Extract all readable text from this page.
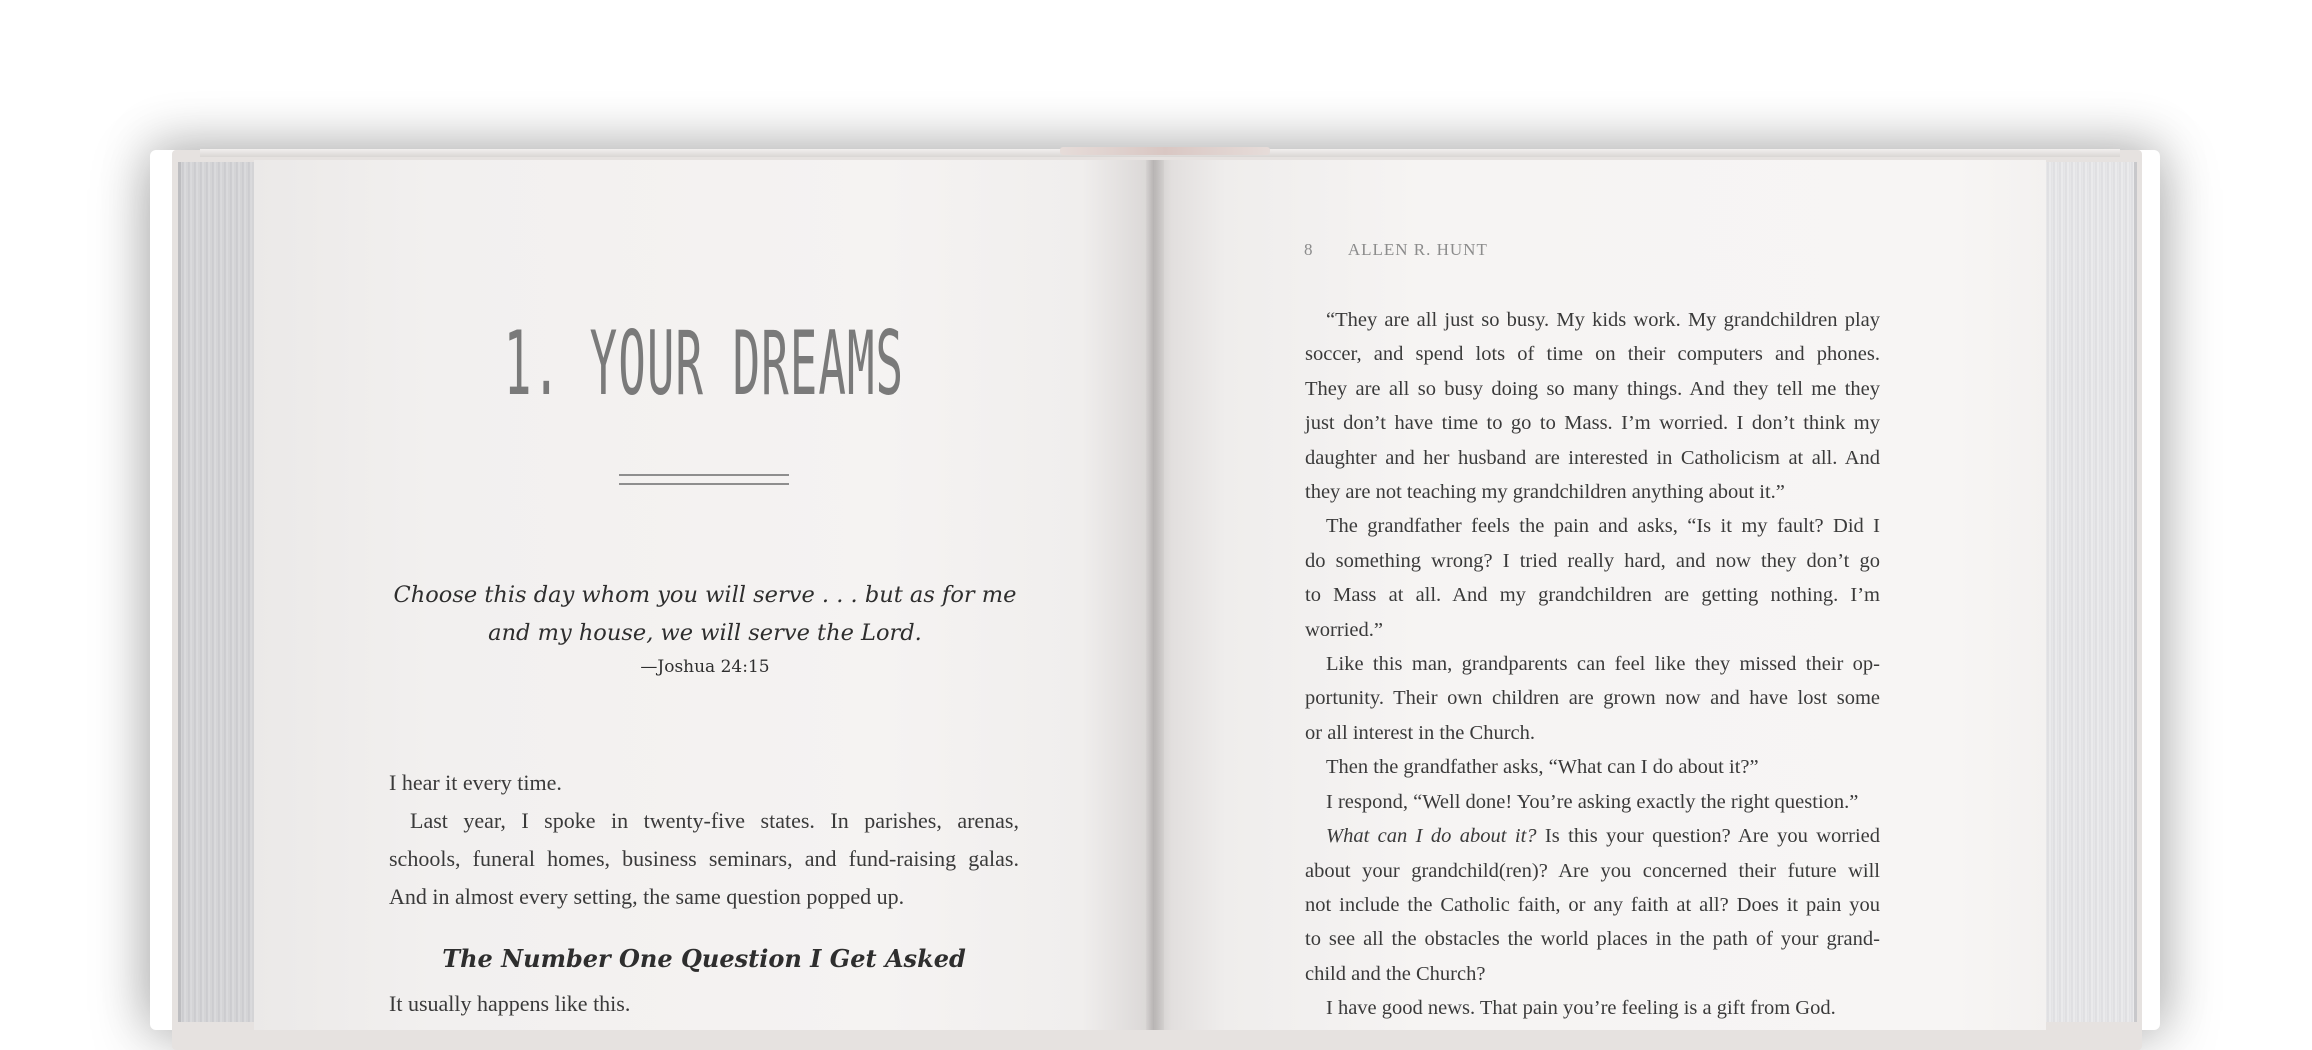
1. YOUR DREAMS
Choose this day whom you will serve . . . but as for me
and my house, we will serve the Lord.
—Joshua 24:15
I hear it every time.
Last year, I spoke in twenty-five states. In parishes, arenas,
schools, funeral homes, business seminars, and fund-raising galas.
And in almost every setting, the same question popped up.
The Number One Question I Get Asked
It usually happens like this.
8 ALLEN R. HUNT
“They are all just so busy. My kids work. My grandchildren play
soccer, and spend lots of time on their computers and phones.
They are all so busy doing so many things. And they tell me they
just don’t have time to go to Mass. I’m worried. I don’t think my
daughter and her husband are interested in Catholicism at all. And
they are not teaching my grandchildren anything about it.”
The grandfather feels the pain and asks, “Is it my fault? Did I
do something wrong? I tried really hard, and now they don’t go
to Mass at all. And my grandchildren are getting nothing. I’m
worried.”
Like this man, grandparents can feel like they missed their op-
portunity. Their own children are grown now and have lost some
or all interest in the Church.
Then the grandfather asks, “What can I do about it?”
I respond, “Well done! You’re asking exactly the right question.”
What can I do about it? Is this your question? Are you worried
about your grandchild(ren)? Are you concerned their future will
not include the Catholic faith, or any faith at all? Does it pain you
to see all the obstacles the world places in the path of your grand-
child and the Church?
I have good news. That pain you’re feeling is a gift from God.
